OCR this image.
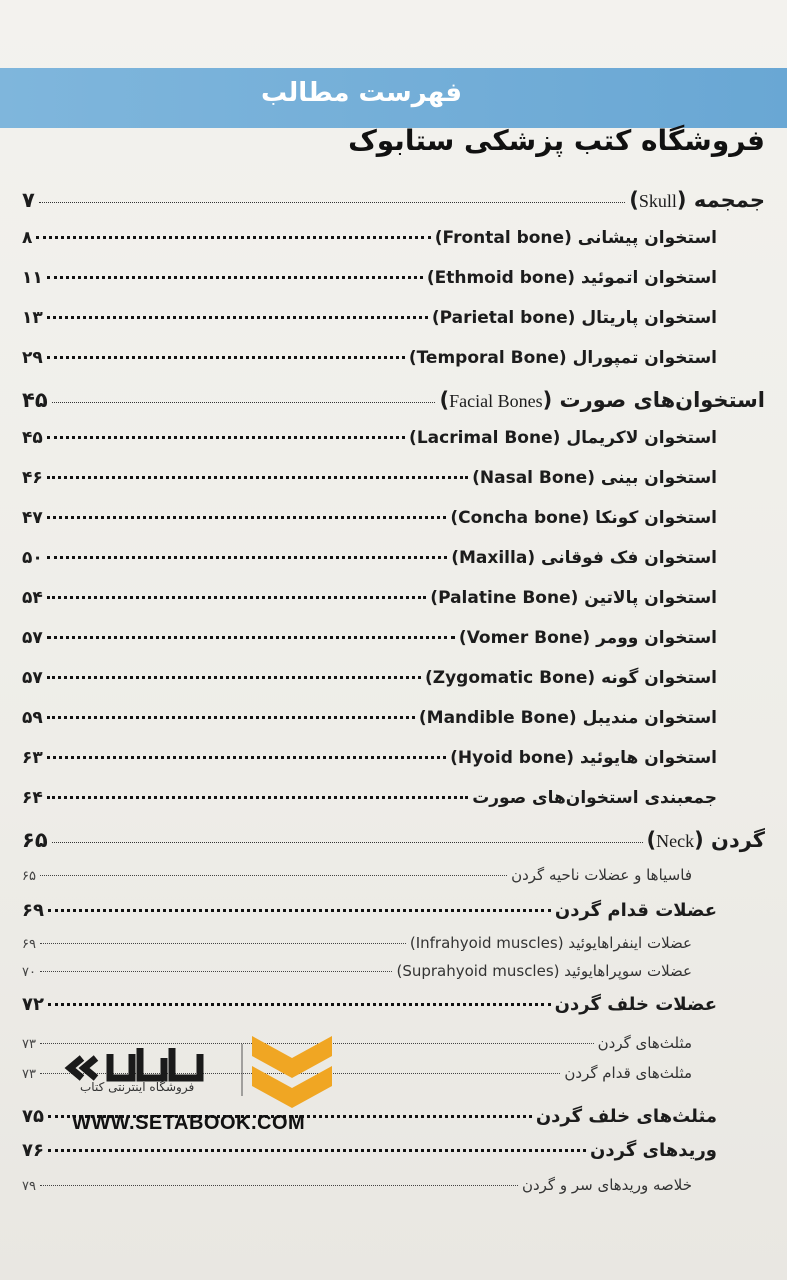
فهرست مطالب
فروشگاه کتب پزشکی ستابوک
جمجمه (Skull)
۷
استخوان پیشانی (Frontal bone)
۸
استخوان اتموئید (Ethmoid bone)
۱۱
استخوان پاریتال (Parietal bone)
۱۳
استخوان تمپورال (Temporal Bone)
۲۹
استخوان‌های صورت (Facial Bones)
۴۵
استخوان لاکریمال (Lacrimal Bone)
۴۵
استخوان بینی (Nasal Bone)
۴۶
استخوان کونکا (Concha bone)
۴۷
استخوان فک فوقانی (Maxilla)
۵۰
استخوان پالاتین (Palatine Bone)
۵۴
استخوان وومر (Vomer Bone)
۵۷
استخوان گونه (Zygomatic Bone)
۵۷
استخوان مندیبل (Mandible Bone)
۵۹
استخوان هایوئید (Hyoid bone)
۶۳
جمعبندی استخوان‌های صورت
۶۴
گردن (Neck)
۶۵
فاسیاها و عضلات ناحیه گردن
۶۵
عضلات قدام گردن
۶۹
عضلات اینفراهایوئید (Infrahyoid muscles)
۶۹
عضلات سوپراهایوئید (Suprahyoid muscles)
۷۰
عضلات خلف گردن
۷۲
مثلث‌های گردن
۷۳
مثلث‌های قدام گردن
۷۳
مثلث‌های خلف گردن
۷۵
وریدهای گردن
۷۶
خلاصه وریدهای سر و گردن
۷۹
فروشگاه اینترنتی کتاب
WWW.SETABOOK.COM
